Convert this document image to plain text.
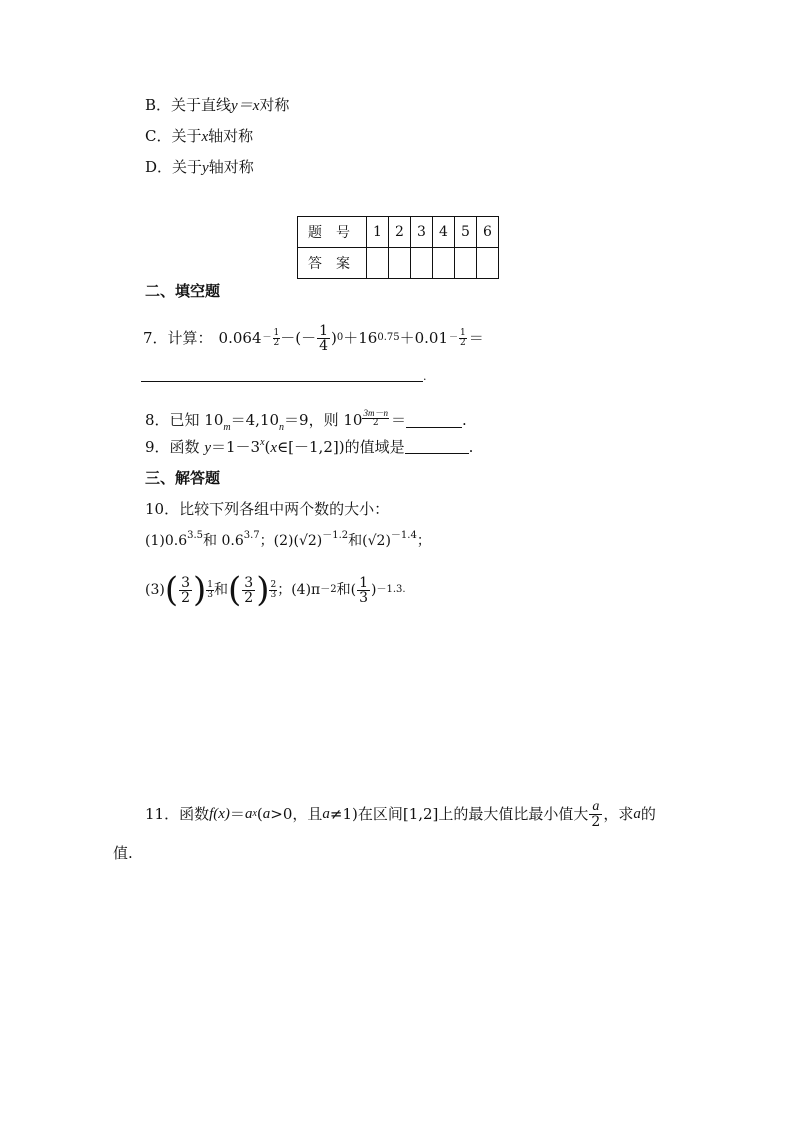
B．关于直线y＝x对称
C．关于x轴对称
D．关于y轴对称
题号	1	2	3	4	5	6
答案						
二、填空题
7．计算： 0.064 － 1
2 －(－ $\frac{1}{4}$ ) 0 ＋16 0.75 ＋0.01 － 1
2 ＝
.
8．已知 10 m ＝4,10 n ＝9，则 10 3m－n
2 ＝	.
9．函数 $y=1-3^x(x\in[-1,2])$的值域是	.
三、解答题
10．比较下列各组中两个数的大小：
$(1)0.6^{3.5}$和 $0.6^{3.7}$；$(2)(√2)^{-1.2}$和$(√2)^{-1.4}$；
(3) ( $\frac{3}{2}$ ) 1
3 和 ( $\frac{3}{2}$ ) 2
3 ；(4)π －2 和( $\frac{1}{3}$ ) －1.3 .
11．函数 f(x) ＝ a x ( a >0，且 a ≠1)在区间[1,2]上的最大值比最小值大 $\frac{a}{2}$ ，求 a 的
值.
